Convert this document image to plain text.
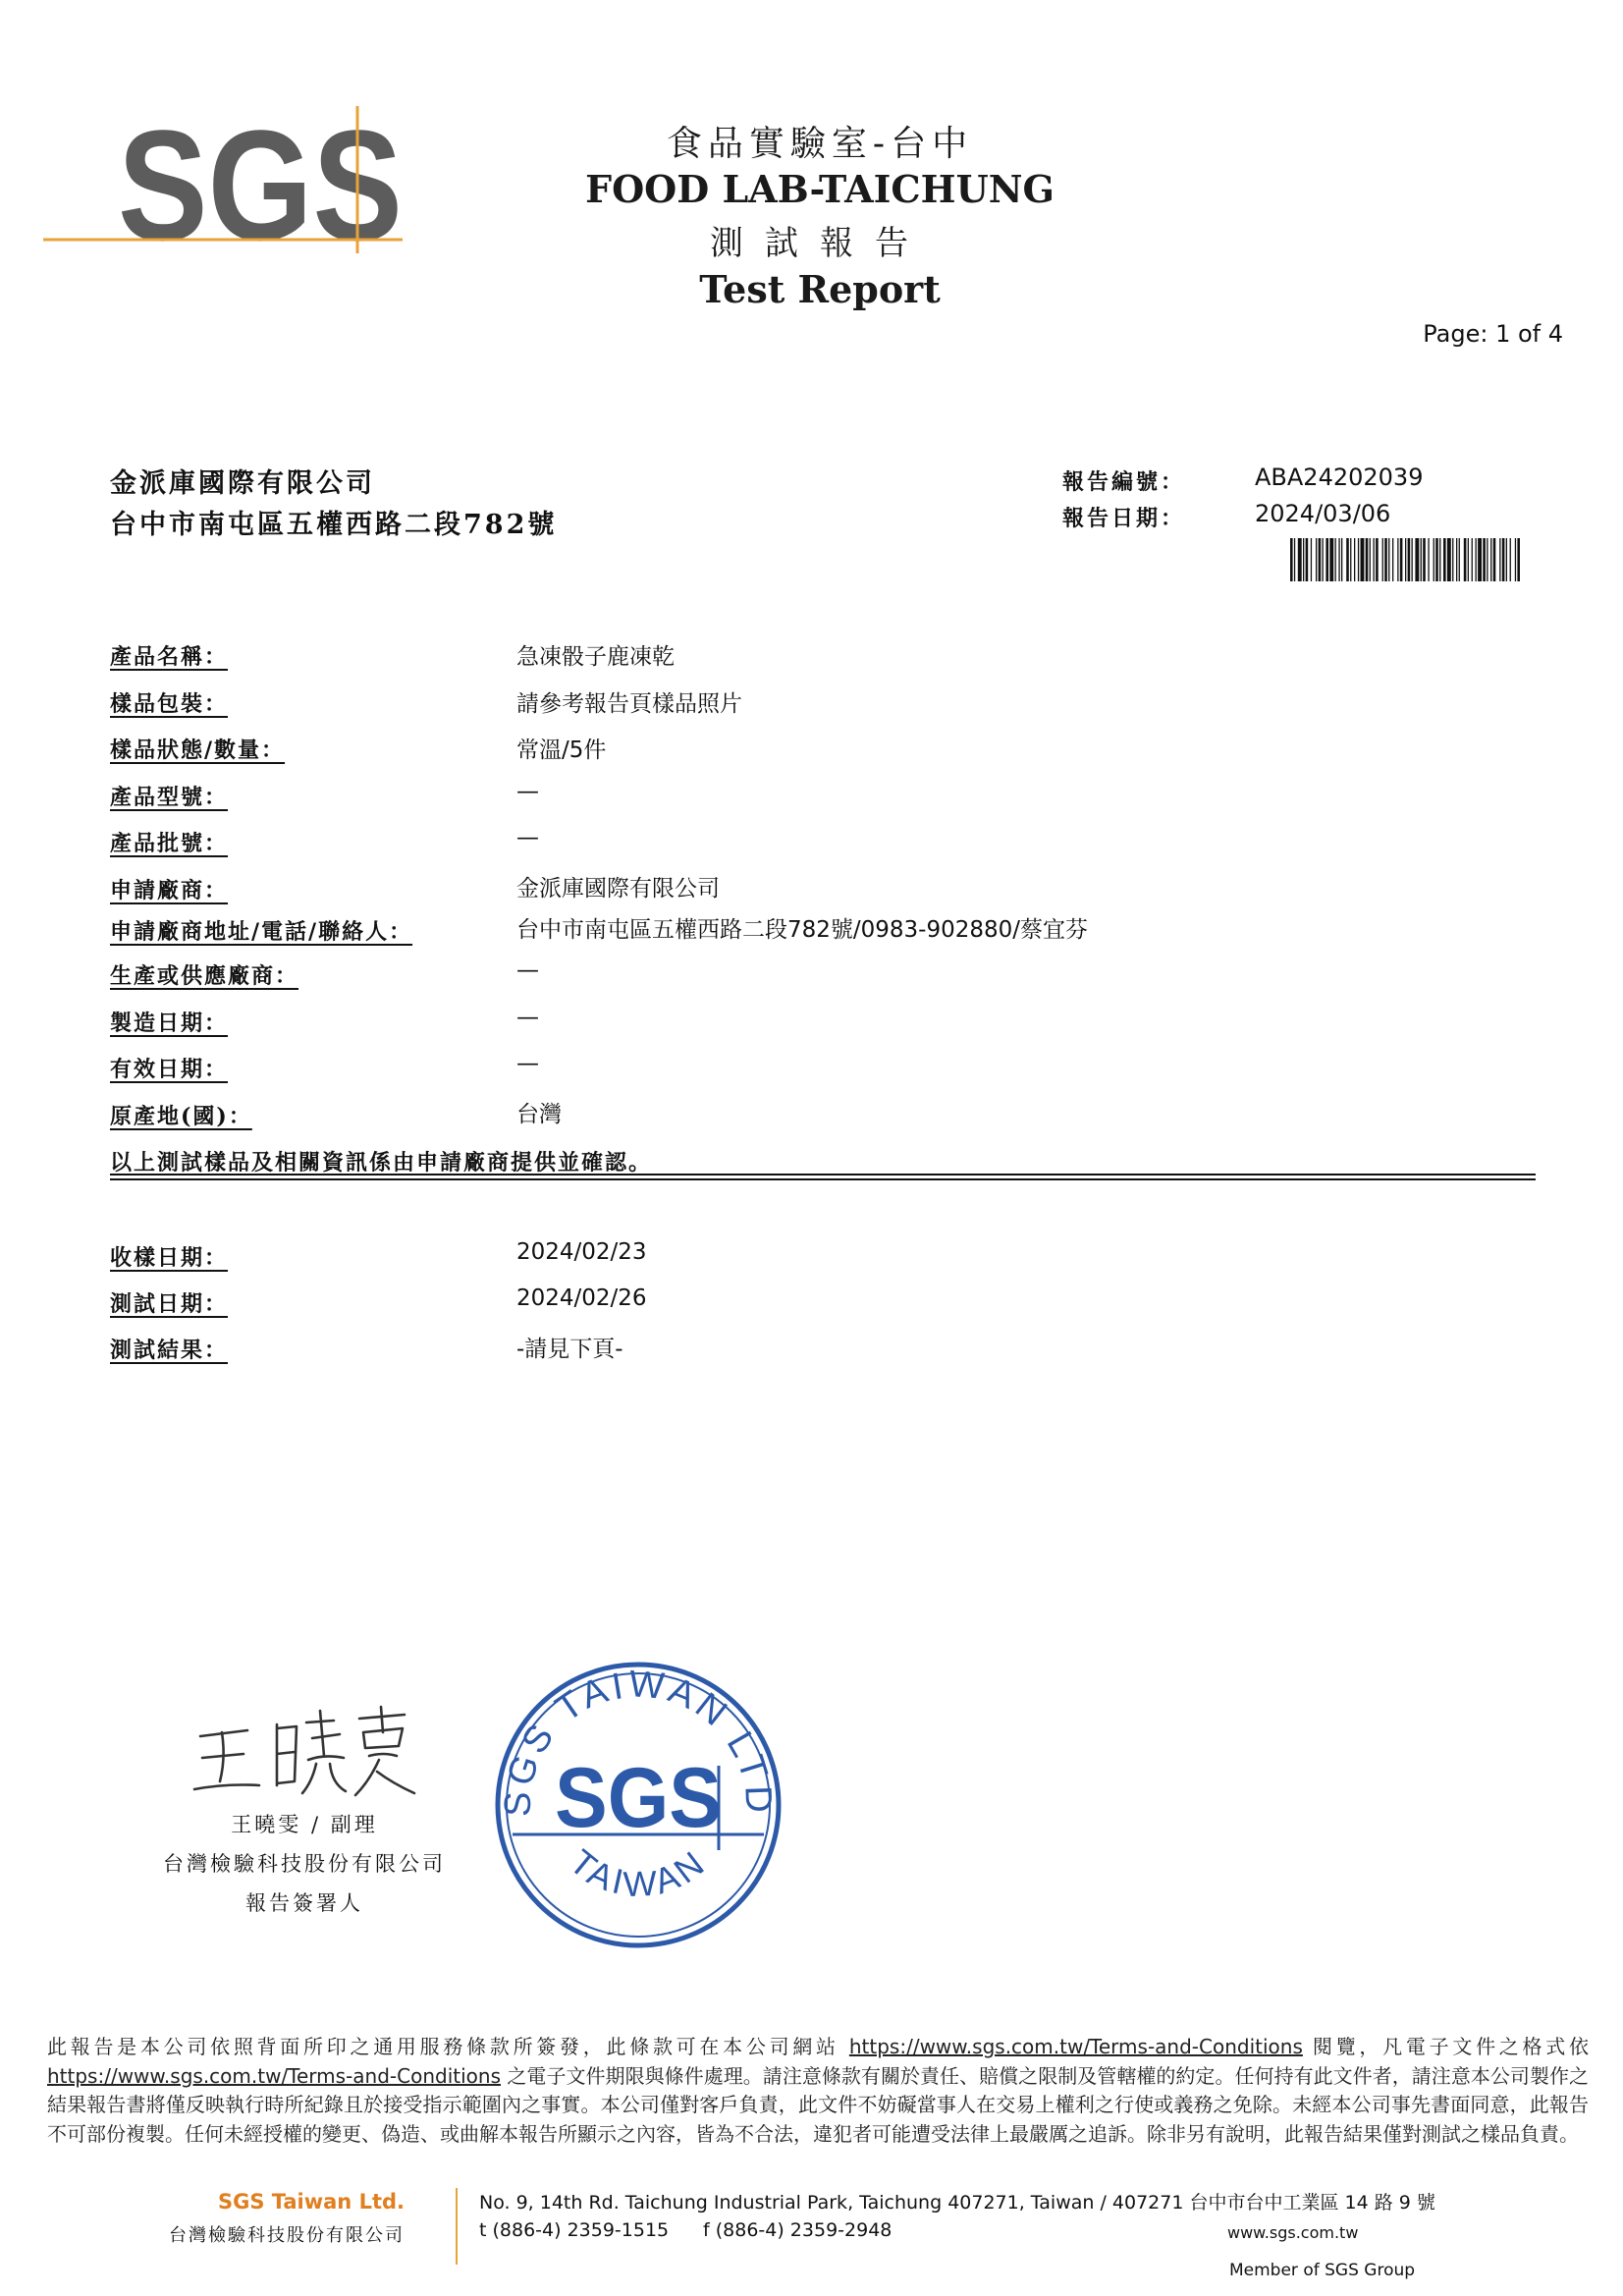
SGS	食品實驗室-台中
FOOD LAB-TAICHUNG
測試報告
Test Report
Page: 1 of 4
金派庫國際有限公司
台中市南屯區五權西路二段782號
報告編號：	ABA24202039
報告日期：	2024/03/06
產品名稱：	急凍骰子鹿凍乾
樣品包裝：	請參考報告頁樣品照片
樣品狀態/數量：	常溫/5件
產品型號：	—
產品批號：	—
申請廠商：	金派庫國際有限公司
申請廠商地址/電話/聯絡人：	台中市南屯區五權西路二段782號/0983-902880/蔡宜芬
生產或供應廠商：	—
製造日期：	—
有效日期：	—
原產地(國)：	台灣
以上測試樣品及相關資訊係由申請廠商提供並確認。
收樣日期：	2024/02/23
測試日期：	2024/02/26
測試結果：	-請見下頁-
王曉雯 / 副理
台灣檢驗科技股份有限公司
報告簽署人
SGS TAIWAN LTD
TAIWAN
SGS
此報告是本公司依照背面所印之通用服務條款所簽發，此條款可在本公司網站 https://www.sgs.com.tw/Terms-and-Conditions 閱覽，凡電子文件之格式依https://www.sgs.com.tw/Terms-and-Conditions 之電子文件期限與條件處理。請注意條款有關於責任、賠償之限制及管轄權的約定。任何持有此文件者，請注意本公司製作之結果報告書將僅反映執行時所紀錄且於接受指示範圍內之事實。本公司僅對客戶負責，此文件不妨礙當事人在交易上權利之行使或義務之免除。未經本公司事先書面同意，此報告不可部份複製。任何未經授權的變更、偽造、或曲解本報告所顯示之內容，皆為不合法，違犯者可能遭受法律上最嚴厲之追訴。除非另有說明，此報告結果僅對測試之樣品負責。
SGS Taiwan Ltd.
台灣檢驗科技股份有限公司
No. 9, 14th Rd. Taichung Industrial Park, Taichung 407271, Taiwan / 407271 台中市台中工業區 14 路 9 號
t (886-4) 2359-1515 f (886-4) 2359-2948	www.sgs.com.tw
Member of SGS Group
